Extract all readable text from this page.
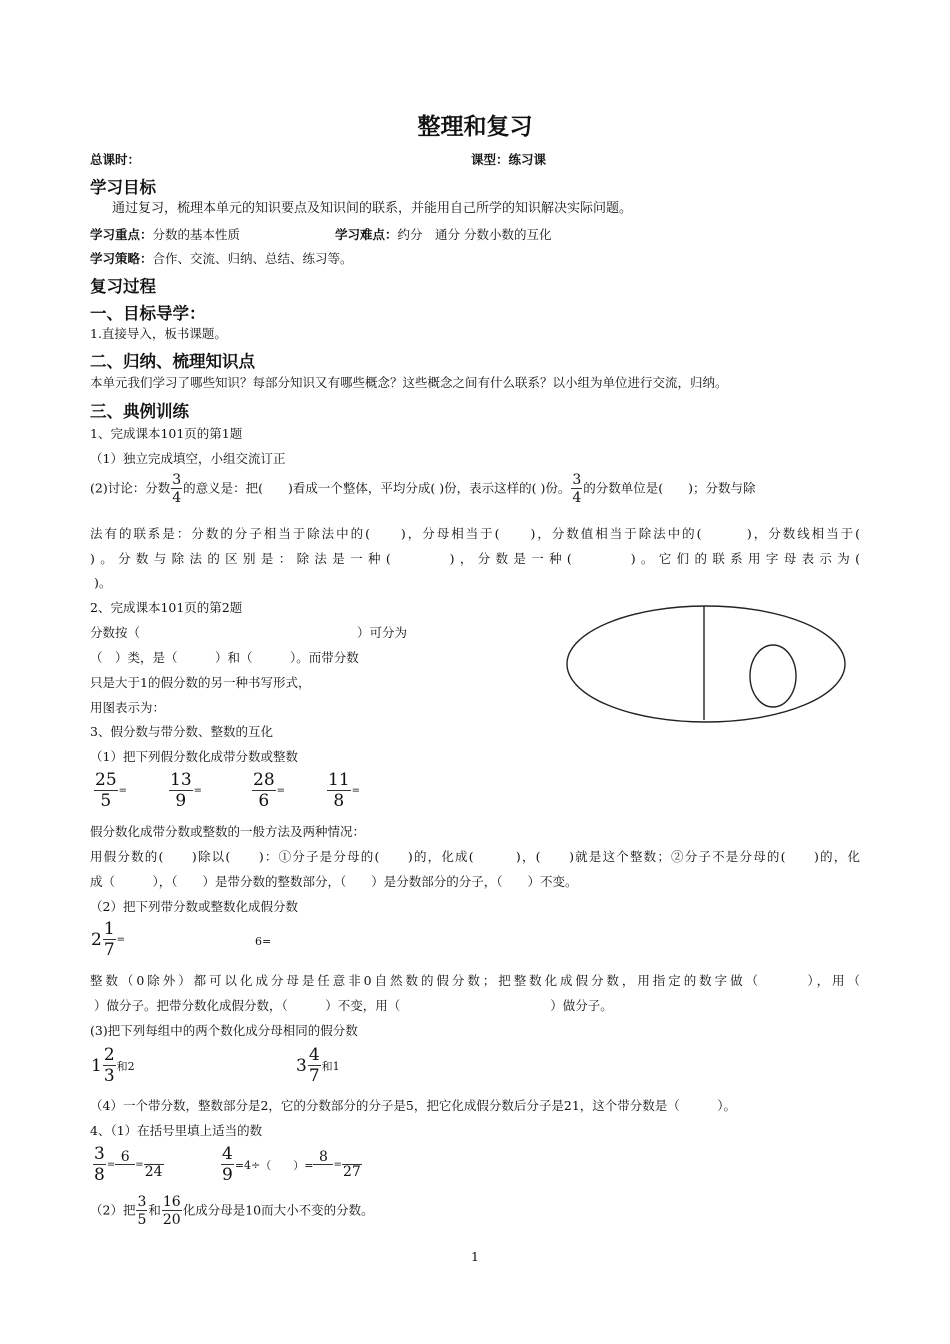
整理和复习
总课时：	课型：练习课
学习目标
通过复习，梳理本单元的知识要点及知识间的联系，并能用自己所学的知识解决实际问题。
学习重点：分数的基本性质	学习难点：约分　通分 分数小数的互化
学习策略：合作、交流、归纳、总结、练习等。
复习过程
一、目标导学：
1.直接导入，板书课题。
二、归纳、梳理知识点
本单元我们学习了哪些知识？每部分知识又有哪些概念？这些概念之间有什么联系？以小组为单位进行交流，归纳。
三、典例训练
1、完成课本101页的第1题
（1）独立完成填空，小组交流订正
(2)讨论：分数 $\frac{3}{4}$ 的意义是：把(　　)看成一个整体，平均分成( )份，表示这样的( )份。 $\frac{3}{4}$ 的分数单位是(　　)；分数与除
法有的联系是：分数的分子相当于除法中的(　　)，分母相当于(　　)，分数值相当于除法中的(　　　)，分数线相当于(
)。分数与除法的区别是：除法是一种(　　　)，分数是一种(　　　)。它们的联系用字母表示为(
)。
2、完成课本101页的第2题
分数按（	）可分为
（　）类，是（　　　）和（　　　）。而带分数
只是大于1的假分数的另一种书写形式，
用图表示为：
3、假分数与带分数、整数的互化
（1）把下列假分数化成带分数或整数
$\frac{25}{5} = \frac{13}{9}$ =	$\frac{28}{6} = \frac{11}{8}$ =
假分数化成带分数或整数的一般方法及两种情况：
用假分数的(　　)除以(　　)：①分子是分母的(　　)的，化成(　　　)，(　　)就是这个整数；②分子不是分母的(　　)的，化
成（　　　），（　　）是带分数的整数部分，（　　）是分数部分的分子，（　　）不变。
（2）把下列带分数或整数化成假分数
$2 \frac{1}{7}$ =	6=
整数（0除外）都可以化成分母是任意非0自然数的假分数；把整数化成假分数，用指定的数字做（　　　），用（
）做分子。把带分数化成假分数，（　　　）不变，用（　　　　　　　　　　　　）做分子。
(3)把下列每组中的两个数化成分母相同的假分数
$1 \frac{2}{3}$ 和2	$3 \frac{4}{7}$ 和1
（4）一个带分数，整数部分是2，它的分数部分的分子是5，把它化成假分数后分子是21，这个带分数是（　　　）。
4、（1）在括号里填上适当的数
$\frac{3}{8}$ =
6
= 24	$\frac{4}{9} =4\div$（　　）=
8
= 27
（2）把 $\frac{3}{5}$ 和 $\frac{16}{20}$ 化成分母是10而大小不变的分数。
1
